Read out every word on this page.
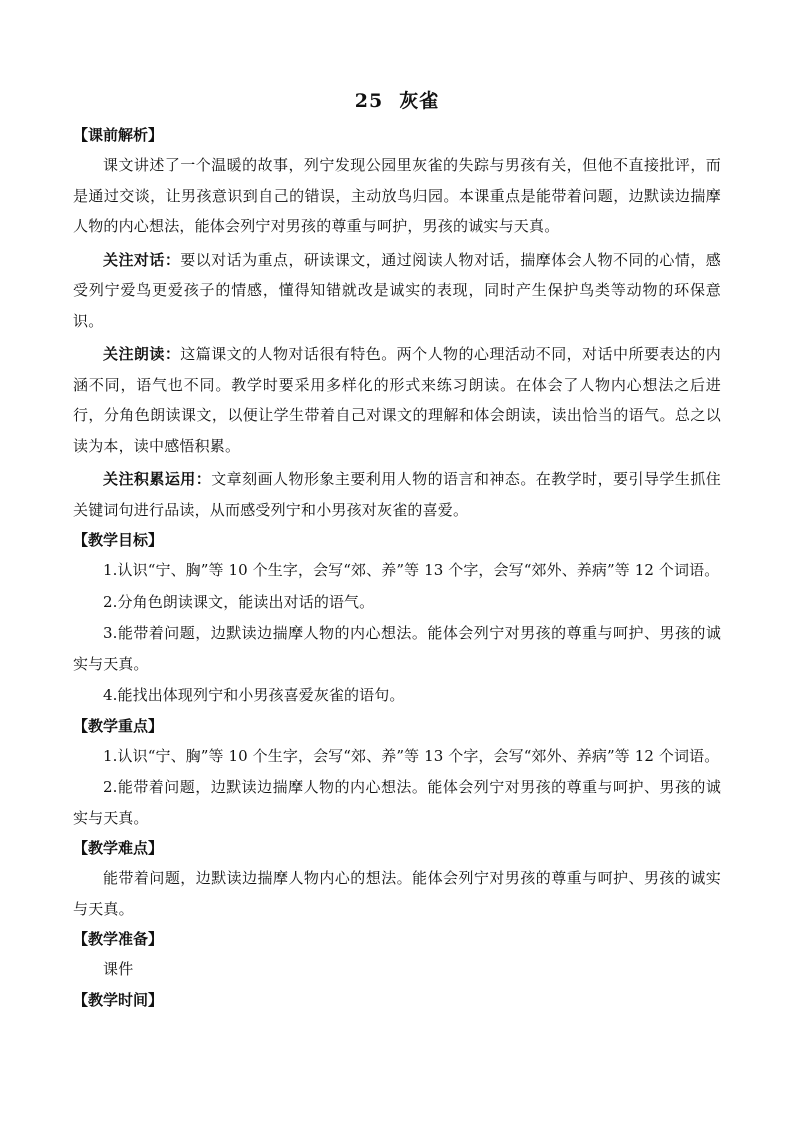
25 灰雀
【课前解析】

课文讲述了一个温暖的故事，列宁发现公园里灰雀的失踪与男孩有关，但他不直接批评，而是通过交谈，让男孩意识到自己的错误，主动放鸟归园。本课重点是能带着问题，边默读边揣摩人物的内心想法，能体会列宁对男孩的尊重与呵护，男孩的诚实与天真。

关注对话：要以对话为重点，研读课文，通过阅读人物对话，揣摩体会人物不同的心情，感受列宁爱鸟更爱孩子的情感，懂得知错就改是诚实的表现，同时产生保护鸟类等动物的环保意识。

关注朗读：这篇课文的人物对话很有特色。两个人物的心理活动不同，对话中所要表达的内涵不同，语气也不同。教学时要采用多样化的形式来练习朗读。在体会了人物内心想法之后进行，分角色朗读课文，以便让学生带着自己对课文的理解和体会朗读，读出恰当的语气。总之以读为本，读中感悟积累。

关注积累运用：文章刻画人物形象主要利用人物的语言和神态。在教学时，要引导学生抓住关键词句进行品读，从而感受列宁和小男孩对灰雀的喜爱。

【教学目标】

1.认识“宁、胸”等 10 个生字，会写“郊、养”等 13 个字，会写“郊外、养病”等 12 个词语。

2.分角色朗读课文，能读出对话的语气。

3.能带着问题，边默读边揣摩人物的内心想法。能体会列宁对男孩的尊重与呵护、男孩的诚实与天真。

4.能找出体现列宁和小男孩喜爱灰雀的语句。

【教学重点】

1.认识“宁、胸”等 10 个生字，会写“郊、养”等 13 个字，会写“郊外、养病”等 12 个词语。

2.能带着问题，边默读边揣摩人物的内心想法。能体会列宁对男孩的尊重与呵护、男孩的诚实与天真。

【教学难点】

能带着问题，边默读边揣摩人物内心的想法。能体会列宁对男孩的尊重与呵护、男孩的诚实与天真。

【教学准备】

课件

【教学时间】
